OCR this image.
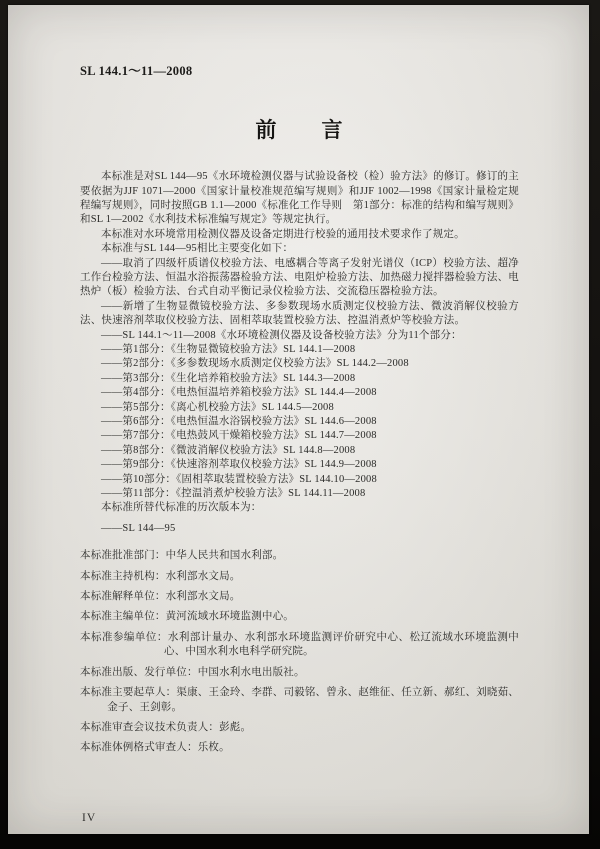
SL 144.1～11—2008
前　　言

本标准是对SL 144—95《水环境检测仪器与试验设备校（检）验方法》的修订。修订的主要依据为JJF 1071—2000《国家计量校准规范编写规则》和JJF 1002—1998《国家计量检定规程编写规则》，同时按照GB 1.1—2000《标准化工作导则　第1部分：标准的结构和编写规则》和SL 1—2002《水利技术标准编写规定》等规定执行。

本标准对水环境常用检测仪器及设备定期进行校验的通用技术要求作了规定。

本标准与SL 144—95相比主要变化如下：

——取消了四级杆质谱仪校验方法、电感耦合等离子发射光谱仪（ICP）校验方法、超净工作台检验方法、恒温水浴振荡器检验方法、电阻炉检验方法、加热磁力搅拌器检验方法、电热炉（板）检验方法、台式自动平衡记录仪检验方法、交流稳压器检验方法。

——新增了生物显微镜校验方法、多参数现场水质测定仪校验方法、微波消解仪校验方法、快速溶剂萃取仪校验方法、固相萃取装置校验方法、控温消煮炉等校验方法。

——SL 144.1～11—2008《水环境检测仪器及设备校验方法》分为11个部分：

——第1部分：《生物显微镜校验方法》SL 144.1—2008

——第2部分：《多参数现场水质测定仪校验方法》SL 144.2—2008

——第3部分：《生化培养箱校验方法》SL 144.3—2008

——第4部分：《电热恒温培养箱校验方法》SL 144.4—2008

——第5部分：《离心机校验方法》SL 144.5—2008

——第6部分：《电热恒温水浴锅校验方法》SL 144.6—2008

——第7部分：《电热鼓风干燥箱校验方法》SL 144.7—2008

——第8部分：《微波消解仪校验方法》SL 144.8—2008

——第9部分：《快速溶剂萃取仪校验方法》SL 144.9—2008

——第10部分：《固相萃取装置校验方法》SL 144.10—2008

——第11部分：《控温消煮炉校验方法》SL 144.11—2008

本标准所替代标准的历次版本为：

——SL 144—95

本标准批准部门：中华人民共和国水利部。

本标准主持机构：水利部水文局。

本标准解释单位：水利部水文局。

本标准主编单位：黄河流域水环境监测中心。

本标准参编单位：水利部计量办、水利部水环境监测评价研究中心、松辽流域水环境监测中心、中国水利水电科学研究院。

本标准出版、发行单位：中国水利水电出版社。

本标准主要起草人：渠康、王金玲、李群、司毅铭、曾永、赵维征、任立新、郝红、刘晓茹、金子、王剑彰。

本标准审查会议技术负责人：彭彪。

本标准体例格式审查人：乐枚。

IV
